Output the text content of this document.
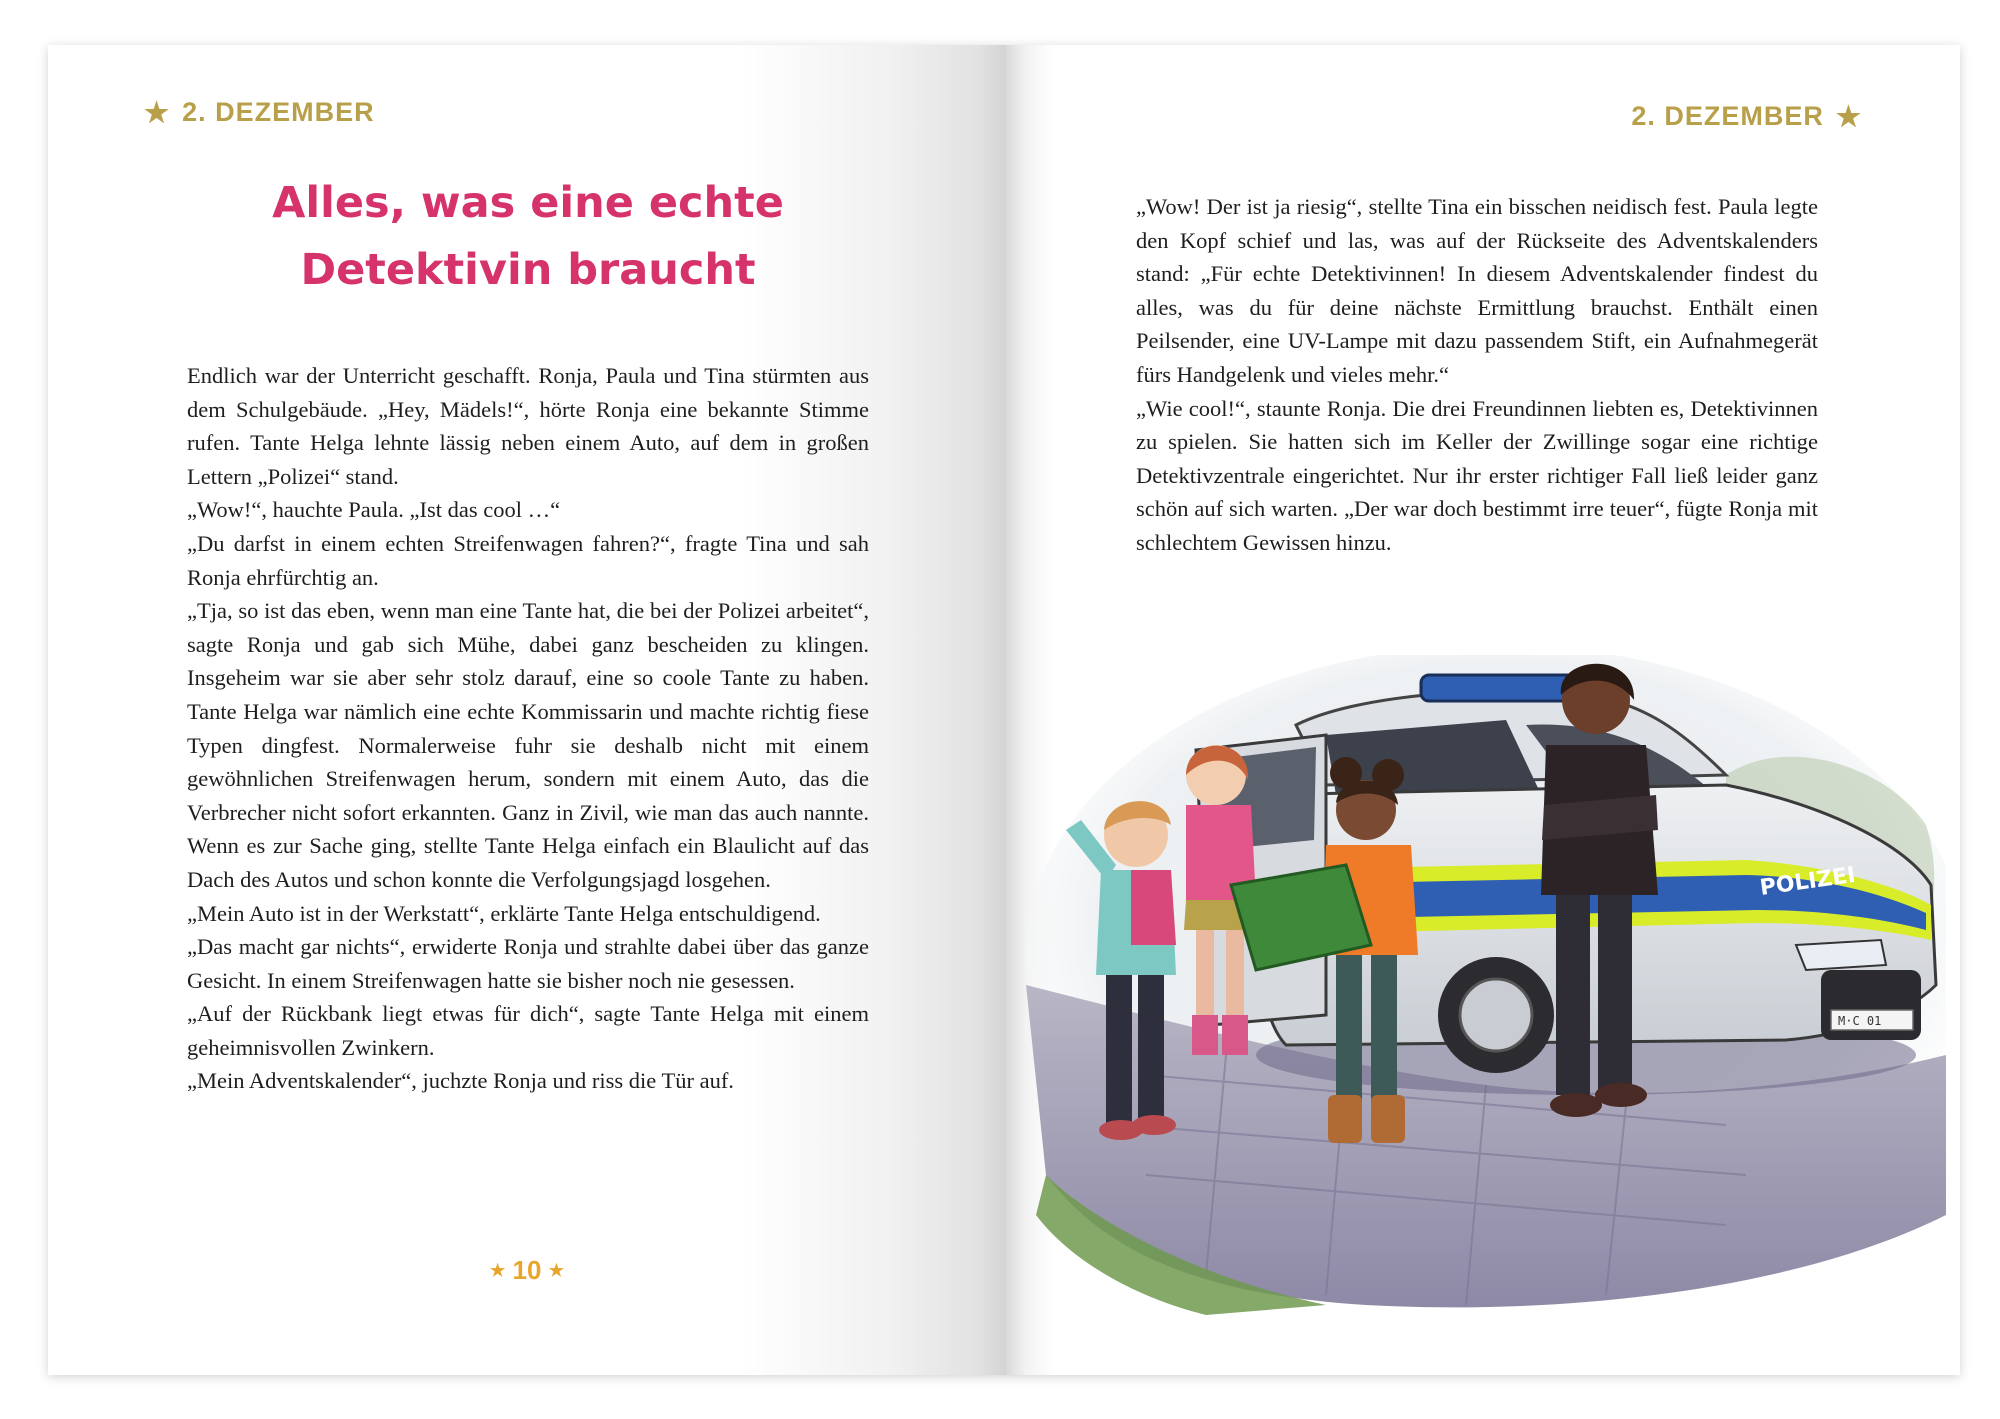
★ 2. DEZEMBER
Alles, was eine echte
Detektivin braucht

Endlich war der Unterricht geschafft. Ronja, Paula und Tina stürmten aus dem Schulgebäude. „Hey, Mädels!“, hörte Ronja eine bekannte Stimme rufen. Tante Helga lehnte lässig neben einem Auto, auf dem in großen Lettern „Polizei“ stand.

„Wow!“, hauchte Paula. „Ist das cool …“

„Du darfst in einem echten Streifenwagen fahren?“, fragte Tina und sah Ronja ehrfürchtig an.

„Tja, so ist das eben, wenn man eine Tante hat, die bei der Polizei arbeitet“, sagte Ronja und gab sich Mühe, dabei ganz bescheiden zu klingen. Insgeheim war sie aber sehr stolz darauf, eine so coole Tante zu haben. Tante Helga war nämlich eine echte Kommissarin und machte richtig fiese Typen dingfest. Normalerweise fuhr sie deshalb nicht mit einem gewöhnlichen Streifenwagen herum, sondern mit einem Auto, das die Verbrecher nicht sofort erkannten. Ganz in Zivil, wie man das auch nannte. Wenn es zur Sache ging, stellte Tante Helga einfach ein Blaulicht auf das Dach des Autos und schon konnte die Verfolgungsjagd losgehen.

„Mein Auto ist in der Werkstatt“, erklärte Tante Helga entschuldigend.

„Das macht gar nichts“, erwiderte Ronja und strahlte dabei über das ganze Gesicht. In einem Streifenwagen hatte sie bisher noch nie gesessen.

„Auf der Rückbank liegt etwas für dich“, sagte Tante Helga mit einem geheimnisvollen Zwinkern.

„Mein Adventskalender“, juchzte Ronja und riss die Tür auf.

★ 10 ★
2. DEZEMBER ★

„Wow! Der ist ja riesig“, stellte Tina ein bisschen neidisch fest. Paula legte den Kopf schief und las, was auf der Rückseite des Adventskalenders stand: „Für echte Detektivinnen! In diesem Adventskalender findest du alles, was du für deine nächste Ermittlung brauchst. Enthält einen Peilsender, eine UV-Lampe mit dazu passendem Stift, ein Aufnahmegerät fürs Handgelenk und vieles mehr.“

„Wie cool!“, staunte Ronja. Die drei Freundinnen liebten es, Detektivinnen zu spielen. Sie hatten sich im Keller der Zwillinge sogar eine richtige Detektivzentrale eingerichtet. Nur ihr erster richtiger Fall ließ leider ganz schön auf sich warten. „Der war doch bestimmt irre teuer“, fügte Ronja mit schlechtem Gewissen hinzu.

POLIZEI
M·C 01
